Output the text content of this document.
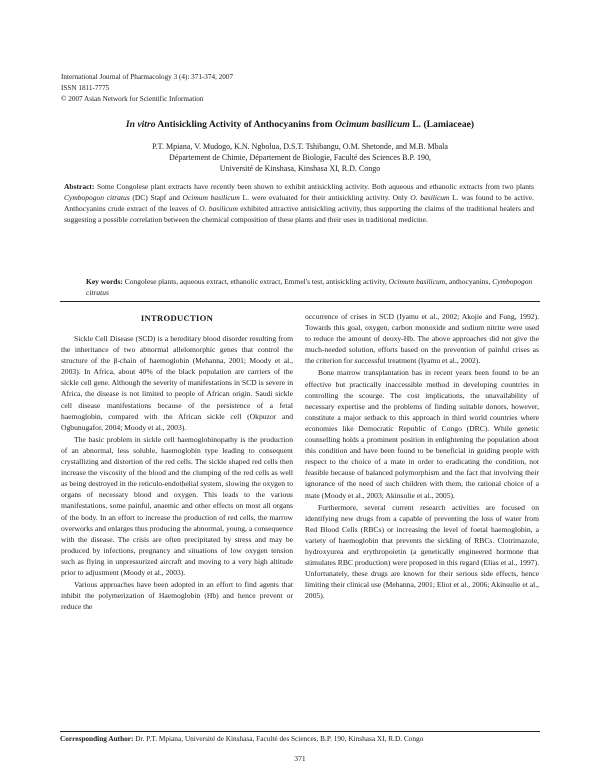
International Journal of Pharmacology 3 (4): 371-374, 2007
ISSN 1811-7775
© 2007 Asian Network for Scientific Information
In vitro Antisickling Activity of Anthocyanins from Ocimum basilicum L. (Lamiaceae)
P.T. Mpiana, V. Mudogo, K.N. Ngbolua, D.S.T. Tshibangu, O.M. Shetonde, and M.B. Mbala
Département de Chimie, Département de Biologie, Faculté des Sciences B.P. 190,
Université de Kinshasa, Kinshasa XI, R.D. Congo
Abstract: Some Congolese plant extracts have recently been shown to exhibit antisickling activity. Both aqueous and ethanolic extracts from two plants Cymbopogon citratus (DC) Stapf and Ocimum basilicum L. were evaluated for their antisickling activity. Only O. basilicum L. was found to be active. Anthocyanins crude extract of the leaves of O. basilicum exhibited attractive antisickling activity, thus supporting the claims of the traditional healers and suggesting a possible correlation between the chemical composition of these plants and their uses in traditional medicine.
Key words: Congolese plants, aqueous extract, ethanolic extract, Emmel's test, antisickling activity, Ocimum basilicum, anthocyanins, Cymbopogon citratus
INTRODUCTION

Sickle Cell Disease (SCD) is a hereditary blood disorder resulting from the inheritance of two abnormal allelomorphic genes that control the structure of the β-chain of haemoglobin (Mehanna, 2001; Moody et al., 2003). In Africa, about 40% of the black population are carriers of the sickle cell gene. Although the severity of manifestations in SCD is severe in Africa, the disease is not limited to people of African origin. Saudi sickle cell disease manifestations because of the persistence of a fetal haemoglobin, compared with the African sickle cell (Okpuzor and Ogbunugafor, 2004; Moody et al., 2003).

The basic problem in sickle cell haemoglobinopathy is the production of an abnormal, less soluble, haemoglobin type leading to consequent crystallizing and distortion of the red cells. The sickle shaped red cells then increase the viscosity of the blood and the clumping of the red cells as well as being destroyed in the reticulo-endothelial system, slowing the oxygen to organs of necessary blood and oxygen. This leads to the various manifestations, some painful, anaemic and other effects on most all organs of the body. In an effort to increase the production of red cells, the marrow overworks and enlarges thus producing the abnormal, young, a consequence with the disease. The crisis are often precipitated by stress and may be produced by infections, pregnancy and situations of low oxygen tension such as flying in unpressurized aircraft and moving to a very high altitude prior to adjustment (Moody et al., 2003).

Various approaches have been adopted in an effort to find agents that inhibit the polymerization of Haemoglobin (Hb) and hence prevent or reduce the

occurrence of crises in SCD (Iyamu et al., 2002; Akojie and Fung, 1992). Towards this goal, oxygen, carbon monoxide and sodium nitrite were used to reduce the amount of deoxy-Hb. The above approaches did not give the much-needed solution, efforts based on the prevention of painful crises as the criterion for successful treatment (Iyamu et al., 2002).

Bone marrow transplantation has in recent years been found to be an effective but practically inaccessible method in developing countries in controlling the scourge. The cost implications, the unavailability of necessary expertise and the problems of finding suitable donors, however, constitute a major setback to this approach in third world countries where economies like Democratic Republic of Congo (DRC). While genetic counselling holds a prominent position in enlightening the population about this condition and have been found to be beneficial in guiding people with respect to the choice of a mate in order to eradicating the condition, not feasible because of balanced polymorphism and the fact that involving their ignorance of the need of such children with them, the rational choice of a mate (Moody et al., 2003; Akinsulie et al., 2005).

Furthermore, several current research activities are focused on identifying new drugs from a capable of preventing the loss of water from Red Blood Cells (RBCs) or increasing the level of foetal haemoglobin, a variety of haemoglobin that prevents the sickling of RBCs. Clotrimazole, hydroxyurea and erythropoietin (a genetically engineered hormone that stimulates RBC production) were proposed in this regard (Elias et al., 1997). Unfortunately, these drugs are known for their serious side effects, hence limiting their clinical use (Mehanna, 2001; Eliot et al., 2006; Akinsulie et al., 2005).

Corresponding Author: Dr. P.T. Mpiana, Université de Kinshasa, Faculté des Sciences, B.P. 190, Kinshasa XI, R.D. Congo
371
